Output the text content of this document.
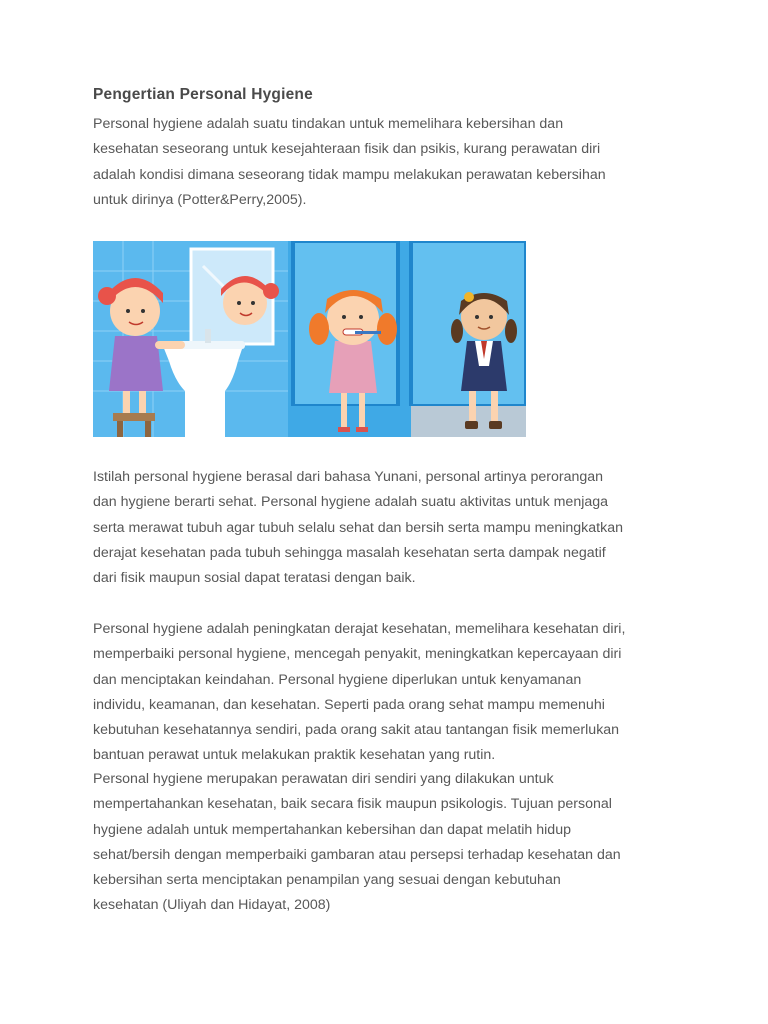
Pengertian Personal Hygiene

Personal hygiene adalah suatu tindakan untuk memelihara kebersihan dan
kesehatan seseorang untuk kesejahteraan fisik dan psikis, kurang perawatan diri
adalah kondisi dimana seseorang tidak mampu melakukan perawatan kebersihan
untuk dirinya (Potter&Perry,2005).

Istilah personal hygiene berasal dari bahasa Yunani, personal artinya perorangan
dan hygiene berarti sehat. Personal hygiene adalah suatu aktivitas untuk menjaga
serta merawat tubuh agar tubuh selalu sehat dan bersih serta mampu meningkatkan
derajat kesehatan pada tubuh sehingga masalah kesehatan serta dampak negatif
dari fisik maupun sosial dapat teratasi dengan baik.

Personal hygiene adalah peningkatan derajat kesehatan, memelihara kesehatan diri,
memperbaiki personal hygiene, mencegah penyakit, meningkatkan kepercayaan diri
dan menciptakan keindahan. Personal hygiene diperlukan untuk kenyamanan
individu, keamanan, dan kesehatan. Seperti pada orang sehat mampu memenuhi
kebutuhan kesehatannya sendiri, pada orang sakit atau tantangan fisik memerlukan
bantuan perawat untuk melakukan praktik kesehatan yang rutin.

Personal hygiene merupakan perawatan diri sendiri yang dilakukan untuk
mempertahankan kesehatan, baik secara fisik maupun psikologis. Tujuan personal
hygiene adalah untuk mempertahankan kebersihan dan dapat melatih hidup
sehat/bersih dengan memperbaiki gambaran atau persepsi terhadap kesehatan dan
kebersihan serta menciptakan penampilan yang sesuai dengan kebutuhan
kesehatan (Uliyah dan Hidayat, 2008)
